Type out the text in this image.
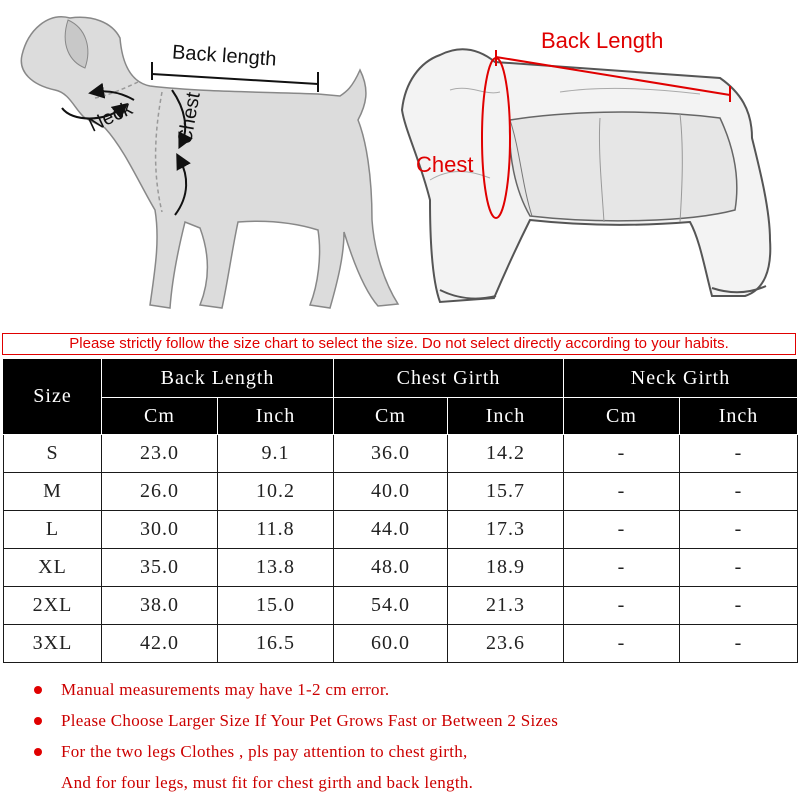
Back length
Neck Chest
Back Length
Chest
Please strictly follow the size chart to select the size. Do not select directly according to your habits.
Size	Back Length		Chest Girth		Neck Girth	
	Cm	Inch	Cm	Inch	Cm	Inch
S	23.0	9.1	36.0	14.2	-	-
M	26.0	10.2	40.0	15.7	-	-
L	30.0	11.8	44.0	17.3	-	-
XL	35.0	13.8	48.0	18.9	-	-
2XL	38.0	15.0	54.0	21.3	-	-
3XL	42.0	16.5	60.0	23.6	-	-
Manual measurements may have 1-2 cm error.
Please Choose Larger Size If Your Pet Grows Fast or Between 2 Sizes
For the two legs Clothes , pls pay attention to chest girth,
And for four legs, must fit for chest girth and back length.
